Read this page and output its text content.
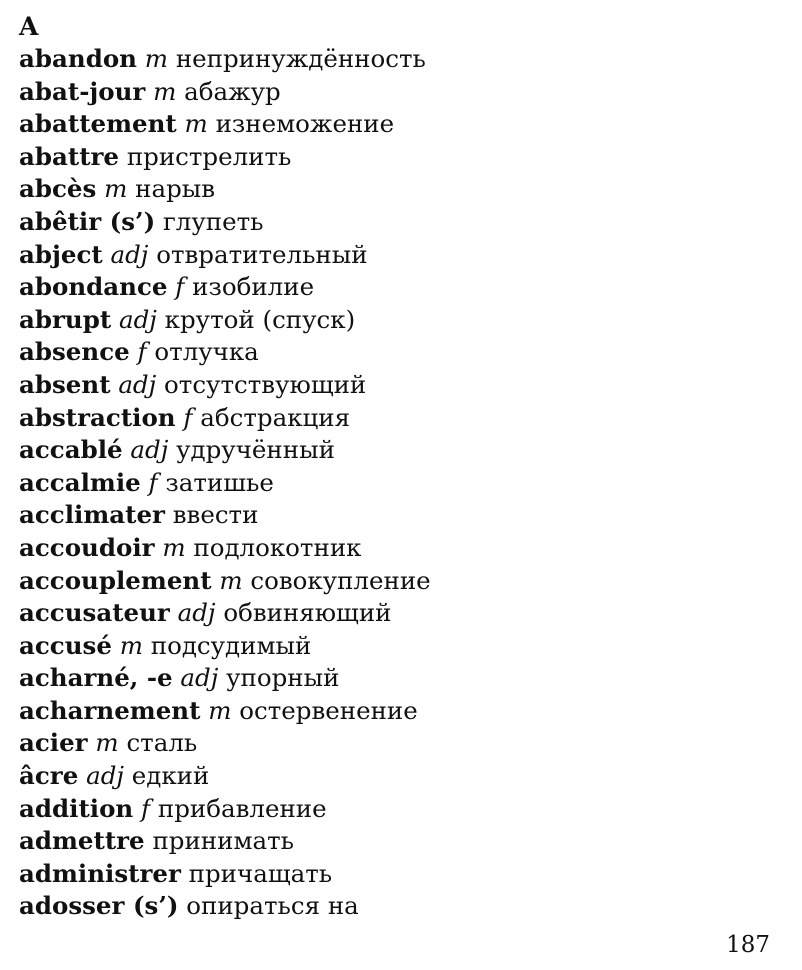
A
abandon m непринуждённость
abat-jour m абажур
abattement m изнеможение
abattre пристрелить
abcès m нарыв
abêtir (s’) глупеть
abject adj отвратительный
abondance f изобилие
abrupt adj крутой (спуск)
absence f отлучка
absent adj отсутствующий
abstraction f абстракция
accablé adj удручённый
accalmie f затишье
acclimater ввести
accoudoir m подлокотник
accouplement m совокупление
accusateur adj обвиняющий
accusé m подсудимый
acharné, -e adj упорный
acharnement m остервенение
acier m сталь
âcre adj едкий
addition f прибавление
admettre принимать
administrer причащать
adosser (s’) опираться на
187
